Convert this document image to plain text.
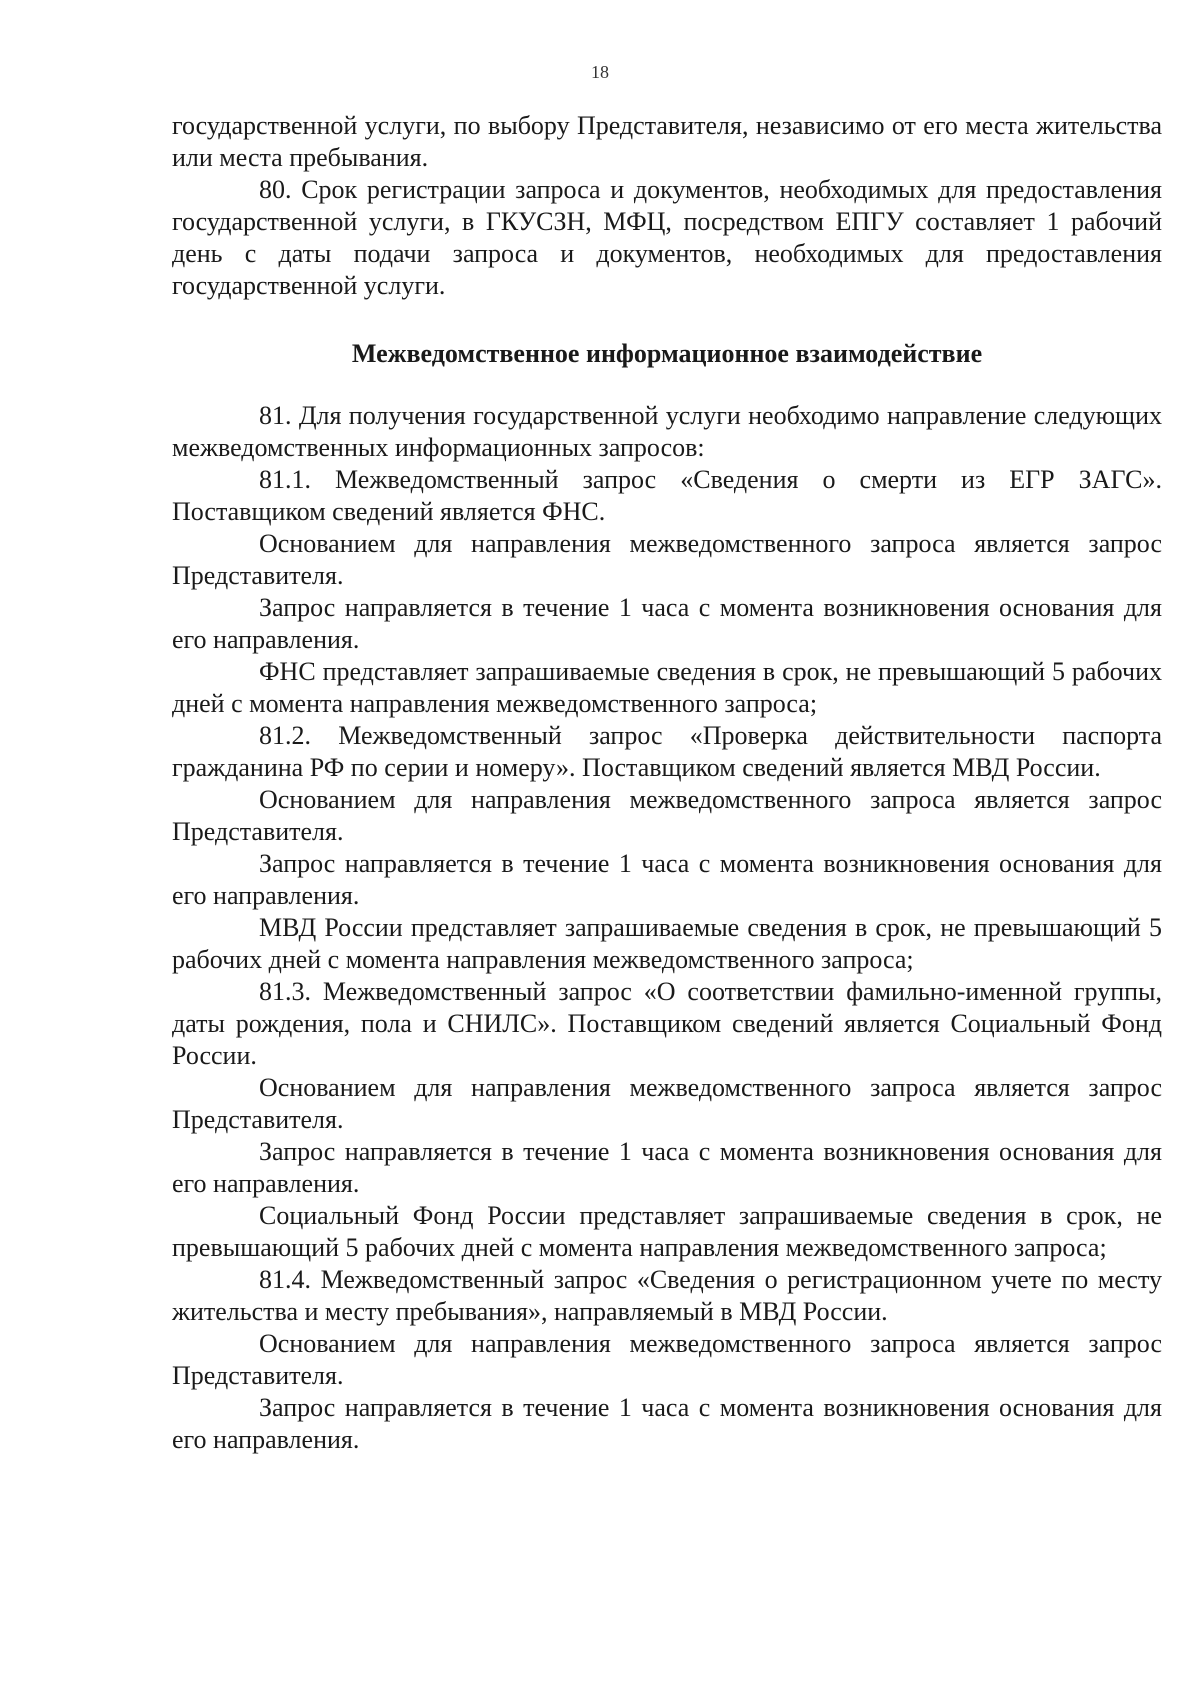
18

государственной услуги, по выбору Представителя, независимо от его места жительства или места пребывания.

80. Срок регистрации запроса и документов, необходимых для предоставления государственной услуги, в ГКУСЗН, МФЦ, посредством ЕПГУ составляет 1 рабочий день с даты подачи запроса и документов, необходимых для предоставления государственной услуги.

Межведомственное информационное взаимодействие

81. Для получения государственной услуги необходимо направление следующих межведомственных информационных запросов:

81.1. Межведомственный запрос «Сведения о смерти из ЕГР ЗАГС». Поставщиком сведений является ФНС.

Основанием для направления межведомственного запроса является запрос Представителя.

Запрос направляется в течение 1 часа с момента возникновения основания для его направления.

ФНС представляет запрашиваемые сведения в срок, не превышающий 5 рабочих дней с момента направления межведомственного запроса;

81.2. Межведомственный запрос «Проверка действительности паспорта гражданина РФ по серии и номеру». Поставщиком сведений является МВД России.

Основанием для направления межведомственного запроса является запрос Представителя.

Запрос направляется в течение 1 часа с момента возникновения основания для его направления.

МВД России представляет запрашиваемые сведения в срок, не превышающий 5 рабочих дней с момента направления межведомственного запроса;

81.3. Межведомственный запрос «О соответствии фамильно-именной группы, даты рождения, пола и СНИЛС». Поставщиком сведений является Социальный Фонд России.

Основанием для направления межведомственного запроса является запрос Представителя.

Запрос направляется в течение 1 часа с момента возникновения основания для его направления.

Социальный Фонд России представляет запрашиваемые сведения в срок, не превышающий 5 рабочих дней с момента направления межведомственного запроса;

81.4. Межведомственный запрос «Сведения о регистрационном учете по месту жительства и месту пребывания», направляемый в МВД России.

Основанием для направления межведомственного запроса является запрос Представителя.

Запрос направляется в течение 1 часа с момента возникновения основания для его направления.
